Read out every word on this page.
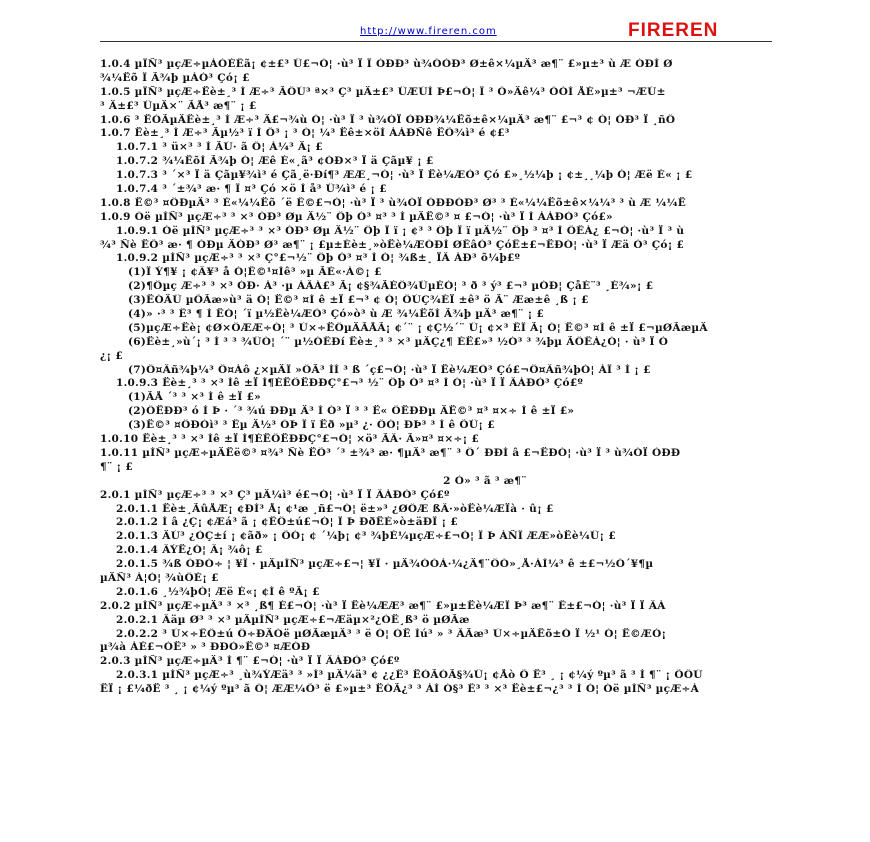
http://www.fireren.com	FIREREN
1.0.4 µÎÑ³ µçÆ÷µÀÓÈÊã¡ ¢±£³ Ü£¬Ó¦ ·ù³ Ï Î ÒÐÐ³ ù¾ÓÒÐ³ Ø±ê×¼µÄ³ æ¶¨ £»µ±³ ù Æ ÓÐÌ Ø
¾¼Ëõ Î Ã¾þ µÀÓ³ Çó¡ £
1.0.5 µÎÑ³ µçÆ÷Ëè±¸³ Í Æ÷³ ÃÔÚ³ ª×³ Ç³ µÄ±£³ ÜÆÚÌ Þ£¬Ó¦ Î ³ Ò»Äê¼³ ÒÒÌ ÅÉ»µ±³ ¬ÆÚ±
³ Ä±£³ ÜµÄ×¨ ÃÅ³ æ¶¨ ¡ £
1.0.6 ³ ËÓÃµÄËè±¸³ Í Æ÷³ Ä£¬¾ù Ó¦ ·ù³ Ï ³ ù¾ÓÏ ÒÐÐ¾¼Ëõ±ê×¼µÄ³ æ¶¨ £¬³ ¢ Ó¦ ÓÐ³ Ï ¸ñÖ
1.0.7 Ëè±¸³ Í Æ÷³ Ãµ½³ ï Ì Ö³ ¡ ³ Ó¦ ¼³ Ëê±×öÌ ÀÀÐÑê ËÕ¾ì³ é ¢£³
1.0.7.1 ³ ü×³ ³ Ì ÃÚ· ã Ö¦ Á¼³ Ä¡ £
1.0.7.2 ¾¼ËõÌ Ã¾þ Ó¦ Æê É«¸ã³ ¢ÓÐ×³ Ï ä Çãµ¥ ¡ £
1.0.7.3 ³ ´×³ Ï ä Çãµ¥¾ì³ é Çã¸ë·Ðí¶³ ÆÆ¸¬Ó¦ ·ù³ Ï Ëè¼ÆÒ³ Çó £»¸½¼þ ¡ ¢±¸¸¼þ Ó¦ Æë È« ¡ £
1.0.7.4 ³ ´±¾³ æ· ¶ Î ¤³ Çó ×ö Ì å³ Ü¾ì³ é ¡ £
1.0.8 Ë©³ ¤ÔÐµÄ³ ³ È«¼¼Ëõ ´ë Ê©£¬Ó¦ ·ù³ Ï ³ ù¾ÓÏ ÒÐÐÓÐ³ Ø³ ³ È«¼¼Ëõ±ê×¼¼³ ³ ù Æ ¼¼Ë
1.0.9 Óë µÍÑ³ µçÆ÷³ ³ ×³ ÓÐ³ Øµ Ä½¨ Öþ Ó³ ¤³ ³ Ì µÄË©³ ¤ £¬Ó¦ ·ù³ Ï Ì ÀÀÐÒ³ Çó£»
1.0.9.1 Óë µÍÑ³ µçÆ÷³ ³ ×³ ÓÐ³ Øµ Ä½¨ Öþ Î ï ¡ ¢³ ³ Öþ Î ï µÄ½¨ Öþ ³ ¤³ Ì ÖÊÁ¿ £¬Ó¦ ·ù³ Ï ³ ù
¾³ Ñè ËÕ³ æ· ¶ ÓÐµ ÄÓÐ³ Ø³ æ¶¨ ¡ £µ±Éè±¸»òËè¼ÆÓÐÌ ØÊâÒ³ ÇóÊ±£¬ËÐÓ¦ ·ù³ Ï Æä Ò³ Çó¡ £
1.0.9.2 µÍÑ³ µçÆ÷³ ³ ×³ Ç°£¬½¨ Öþ Ó³ ¤³ Ì Ó¦ ¾ß±¸ ÏÂ ÁÐ³ õ¼þ£º
(1)Î Ý¶¥ ¡ ¢Â¥³ å Ó¦Ê©¹¤Íê³ »µ ÃÈ«·À©¡ £
(2)¶Ôµç Æ÷³ ³ ×³ ÓÐ· Á³ ·µ ÀÂÁ£³ Ã¡ ¢§¾ÃÈÖ¾ÜµÈÓ¦ ³ ð ³ ý³ £¬³ µÓÐ¦ ÇåÉ¨³ ¸É¾»¡ £
(3)ËÓÄÛ µÕÃæ»ù³ ä Ó¦ Ë©³ ¤Í ê ±Ï £¬³ ¢ Ó¦ ÔÚÇ¾ÉÏ ±ê³ ö Ã¨ Ææ±ê ¸ß ¡ £
(4)» ·³ ³ Ê³ ¶ Ì ËÓ¦ ´ï µ½Ëè¼ÆÒ³ Çó»ò³ ù Æ ¾¼ËõÌ Ã¾þ µÄ³ æ¶¨ ¡ £
(5)µçÆ÷Ëè¡ ¢Ø×ÖÆÆ÷Ó¦ ³ Ù×÷ËÔµÄÃÅÃ¡ ¢´¨ ¡ ¢Ç½´¨ Ü¡ ¢×³ ÊÎ Ã¡ Ó¦ Ë©³ ¤Í ê ±Ï £¬µØÃæµÄ
(6)Ëè±¸»ù´¡ ³ Í ³ ³ ¾ÜÓ¦ ´¨ µ½ÓÊÐí Ëè±¸³ ³ ×³ µÄÇ¿¶ ÈË£»³ ½Ó³ ³ ¾þµ ÃÖÊÁ¿Ó¦ · ù³ Ï Ò
¿¡ £
(7)Ô¤Âñ¾þ¼³ Ô¤Áô ¿×µÄÎ »ÖÃ³ ÍÍ ³ ß ´ç£¬Ó¦ ·ù³ Ï Ëè¼ÆÒ³ Çó£¬Ô¤Âñ¾þÓ¦ ÀÎ ³ Ì ¡ £
1.0.9.3 Ëè±¸³ ³ ×³ Íê ±Ï Í¶ÈËÔËÐÐÇ°£¬³ ½¨ Öþ Ó³ ¤³ Ì Ó¦ ·ù³ Ï Ï ÂÁÐÒ³ Çó£º
(1)ÃÅ ´³ ³ ×³ Í ê ±Ï £»
(2)ÔËÐÐ³ ó Ì Þ · ´³ ¾ú ÐÐµ Ä³ Í Ó³ Ï ³ ³ Ë« ÔËÐÐµ ÄË©³ ¤³ ¤×÷ Í ê ±Ï £»
(3)Ë©³ ¤ÔÐÒì³ ³ Êµ Ä½³ ÒÞ Î ï Ëð »µ³ ¿· ÖÓ¦ ÐÞ³ ³ Í ê ÕÛ¡ £
1.0.10 Ëè±¸³ ³ ×³ Íê ±Ï Í¶ÈËÔËÐÐÇ°£¬Ó¦ ×ö³ ÃÂ· Ã»¤³ ¤×÷¡ £
1.0.11 µÍÑ³ µçÆ÷µÄËë©³ ¤¾³ Ñè ËÕ³ ´³ ±¾³ æ· ¶µÄ³ æ¶¨ ³ Ö´ ÐÐÍ â £¬ËÐÓ¦ ·ù³ Ï ³ ù¾ÓÏ ÒÐÐ
¶¨ ¡ £
2 Ò» ³ ã ³ æ¶¨
2.0.1 µÍÑ³ µçÆ÷³ ³ ×³ Ç³ µÄ¼ì³ é£¬Ó¦ ·ù³ Ï Ï ÂÁÐÒ³ Çó£º
2.0.1.1 Ëè±¸ÃûÅÆ¡ ¢ÐÍ³ Å¡ ¢¹æ ¸ñ£¬Ó¦ ë±»³ ¿ØÖÆ ßÂ·»òËè¼ÆÏà · û¡ £
2.0.1.2 Í â ¿Ç¡ ¢Æá³ ã ¡ ¢ÊÖ±ú£¬Ó¦ Î Þ ÐðËÈ»ò±äÐÎ ¡ £
2.0.1.3 ÄÚ³ ¿ÒÇ±í ¡ ¢ãð» ¡ ÕÓ¡ ¢ ´¼þ¡ ¢³ ¾þÈ¼µçÆ÷£¬Ó¦ Î Þ ÁÑÎ ÆÆ»òËè¼Ü¡ £
2.0.1.4 ÂÝË¿Ó¦ Â¡ ¾ô¡ £
2.0.1.5 ¾ß ÓÐÓ÷ ¦ ¥Î · µÄµÍÑ³ µçÆ÷£¬¦ ¥Î · µÄ¾ÓÓÀ·¼¿Ä¶¨ÔÓ»¸Å·ÀÌ¼³ ê ±£¬½Ó´¥¶µ
µÄÑ³ Á¦Ó¦ ¾ùÔÈ¡ £
2.0.1.6 ¸½¾þÓ¦ Æë È«¡ ¢Í ê ºÃ¡ £
2.0.2 µÍÑ³ µçÆ÷µÄ³ ³ ×³ ¸ß¶ È£¬Ó¦ ·ù³ Ï Ëè¼ÆÆ³ æ¶¨ £»µ±Ëè¼ÆÎ Þ³ æ¶¨ Ê±£¬Ó¦ ·ù³ Ï Ï ÂÁ
2.0.2.1 Âäµ Ø³ ³ ×³ µÄµÍÑ³ µçÆ÷£¬Æäµ×²¿ÒË¸ß³ ö µØÃæ
2.0.2.2 ³ Ù×÷ÊÖ±ú Ö÷ÐÄÓë µØÃæµÄ³ ³ ë Ó¦ ÒË Ìú³ » ³ ÂÃæ³ Ù×÷µÄËõ±Ó Ï ½¹ Ó¦ Ë©ÆÓ¡
µ¾à ÀÈ£¬ÒË³ » ³ ÐÐÒ»Ë©³ ¤ÆÓÐ
2.0.3 µÍÑ³ µçÆ÷µÄ³ Ì ¶¨ £¬Ó¦ ·ù³ Ï Ï ÂÁÐÒ³ Çó£º
2.0.3.1 µÍÑ³ µçÆ÷³ ¸ù¾ÝÆä³ ³ »Í³ µÄ¼ä³ ¢ ¿¿Ê³ ËÓÃÓÃ§¾Ü¡ ¢Åò Õ Ë³ ¸ ¡ ¢¼ý ºµ³ ã ³ Ì ¶¨ ¡ ÕÔÚ
ËÏ ¡ £¼ðË ³ ¸ ¡ ¢¼ý ºµ³ ã Ó¦ ÆÆ¼Õ³ ë £»µ±³ ËÓÃ¿³ ³ ÀÌ Ó§³ Ê³ ³ ×³ Ëè±£¬¿³ ³ Ì Ó¦ Óë µÍÑ³ µçÆ÷Á
